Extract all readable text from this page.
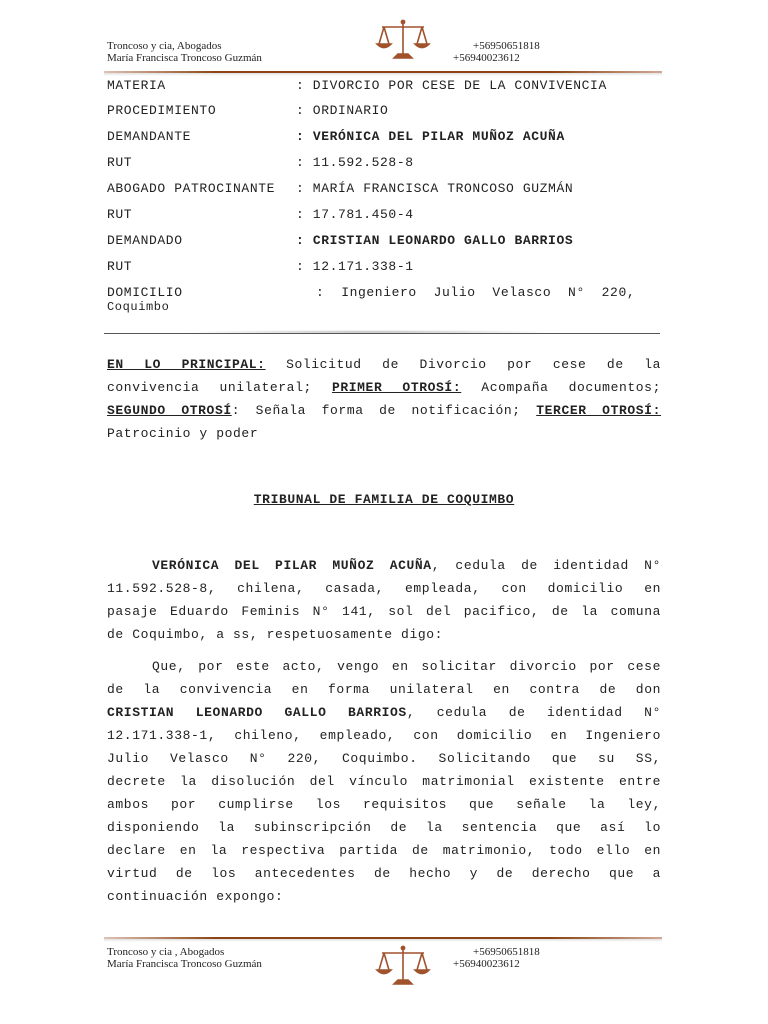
Troncoso y cia, Abogados
María Francisca Troncoso Guzmán
+56950651818
+56940023612
MATERIA	: DIVORCIO POR CESE DE LA CONVIVENCIA
PROCEDIMIENTO	: ORDINARIO
DEMANDANTE	: VERÓNICA DEL PILAR MUÑOZ ACUÑA
RUT	: 11.592.528-8
ABOGADO PATROCINANTE : MARÍA FRANCISCA TRONCOSO GUZMÁN
RUT	: 17.781.450-4
DEMANDADO	: CRISTIAN LEONARDO GALLO BARRIOS
RUT	: 12.171.338-1
DOMICILIO	:  Ingeniero  Julio  Velasco  N°  220,
Coquimbo
EN LO PRINCIPAL: Solicitud de Divorcio por cese de la
convivencia unilateral; PRIMER OTROSÍ: Acompaña documentos;
SEGUNDO OTROSÍ: Señala forma de notificación; TERCER OTROSÍ:
Patrocinio y poder
TRIBUNAL DE FAMILIA DE COQUIMBO
VERÓNICA DEL PILAR MUÑOZ ACUÑA, cedula de identidad N°
11.592.528-8, chilena, casada, empleada, con domicilio en
pasaje Eduardo Feminis N° 141, sol del pacifico, de la comuna
de Coquimbo, a ss, respetuosamente digo:
Que, por este acto, vengo en solicitar divorcio por cese
de la convivencia en forma unilateral en contra de don
CRISTIAN LEONARDO GALLO BARRIOS, cedula de identidad N°
12.171.338-1, chileno, empleado, con domicilio en Ingeniero
Julio Velasco N° 220, Coquimbo. Solicitando que su SS,
decrete la disolución del vínculo matrimonial existente entre
ambos por cumplirse los requisitos que señale la ley,
disponiendo la subinscripción de la sentencia que así lo
declare en la respectiva partida de matrimonio, todo ello en
virtud de los antecedentes de hecho y de derecho que a
continuación expongo:
Troncoso y cia , Abogados
María Francisca Troncoso Guzmán
+56950651818
+56940023612
